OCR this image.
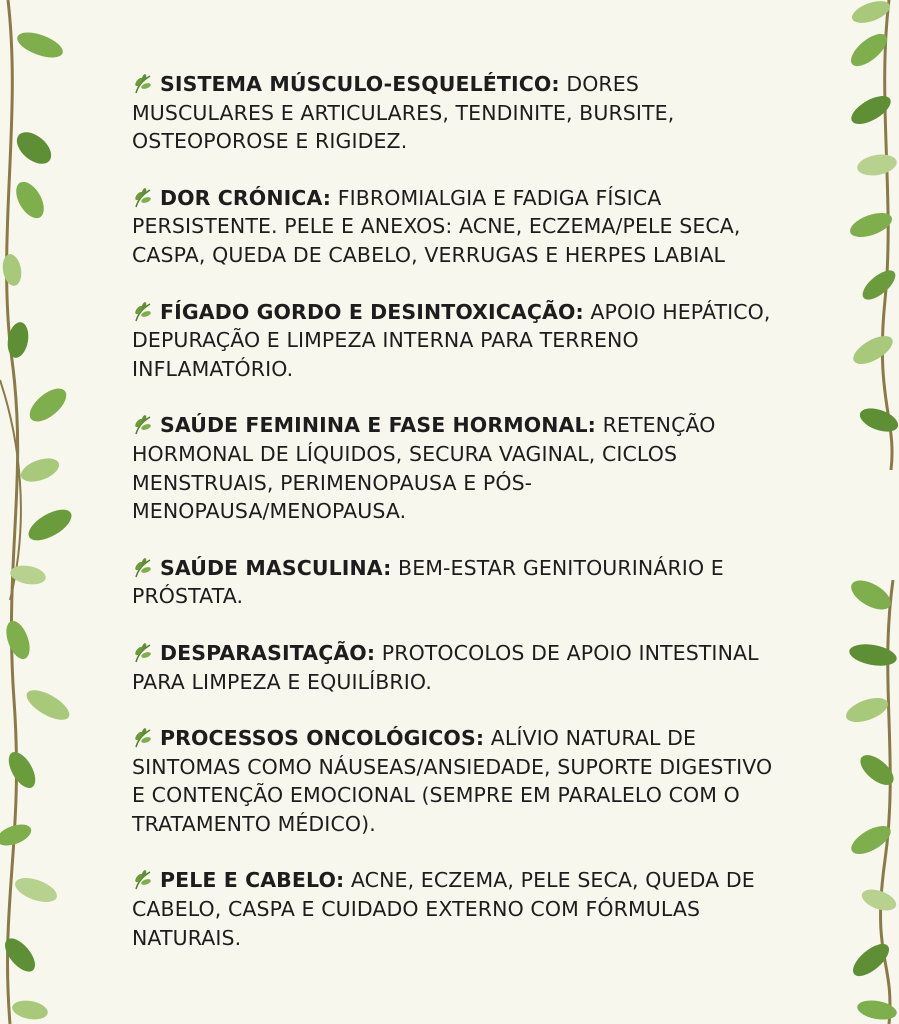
SISTEMA MÚSCULO-ESQUELÉTICO: DORES MUSCULARES E ARTICULARES, TENDINITE, BURSITE, OSTEOPOROSE E RIGIDEZ.
DOR CRÓNICA: FIBROMIALGIA E FADIGA FÍSICA PERSISTENTE. PELE E ANEXOS: ACNE, ECZEMA/PELE SECA, CASPA, QUEDA DE CABELO, VERRUGAS E HERPES LABIAL
FÍGADO GORDO E DESINTOXICAÇÃO: APOIO HEPÁTICO, DEPURAÇÃO E LIMPEZA INTERNA PARA TERRENO INFLAMATÓRIO.
SAÚDE FEMININA E FASE HORMONAL: RETENÇÃO HORMONAL DE LÍQUIDOS, SECURA VAGINAL, CICLOS MENSTRUAIS, PERIMENOPAUSA E PÓS-MENOPAUSA/MENOPAUSA.
SAÚDE MASCULINA: BEM-ESTAR GENITOURINÁRIO E PRÓSTATA.
DESPARASITAÇÃO: PROTOCOLOS DE APOIO INTESTINAL PARA LIMPEZA E EQUILÍBRIO.
PROCESSOS ONCOLÓGICOS: ALÍVIO NATURAL DE SINTOMAS COMO NÁUSEAS/ANSIEDADE, SUPORTE DIGESTIVO E CONTENÇÃO EMOCIONAL (SEMPRE EM PARALELO COM O TRATAMENTO MÉDICO).
PELE E CABELO: ACNE, ECZEMA, PELE SECA, QUEDA DE CABELO, CASPA E CUIDADO EXTERNO COM FÓRMULAS NATURAIS.
